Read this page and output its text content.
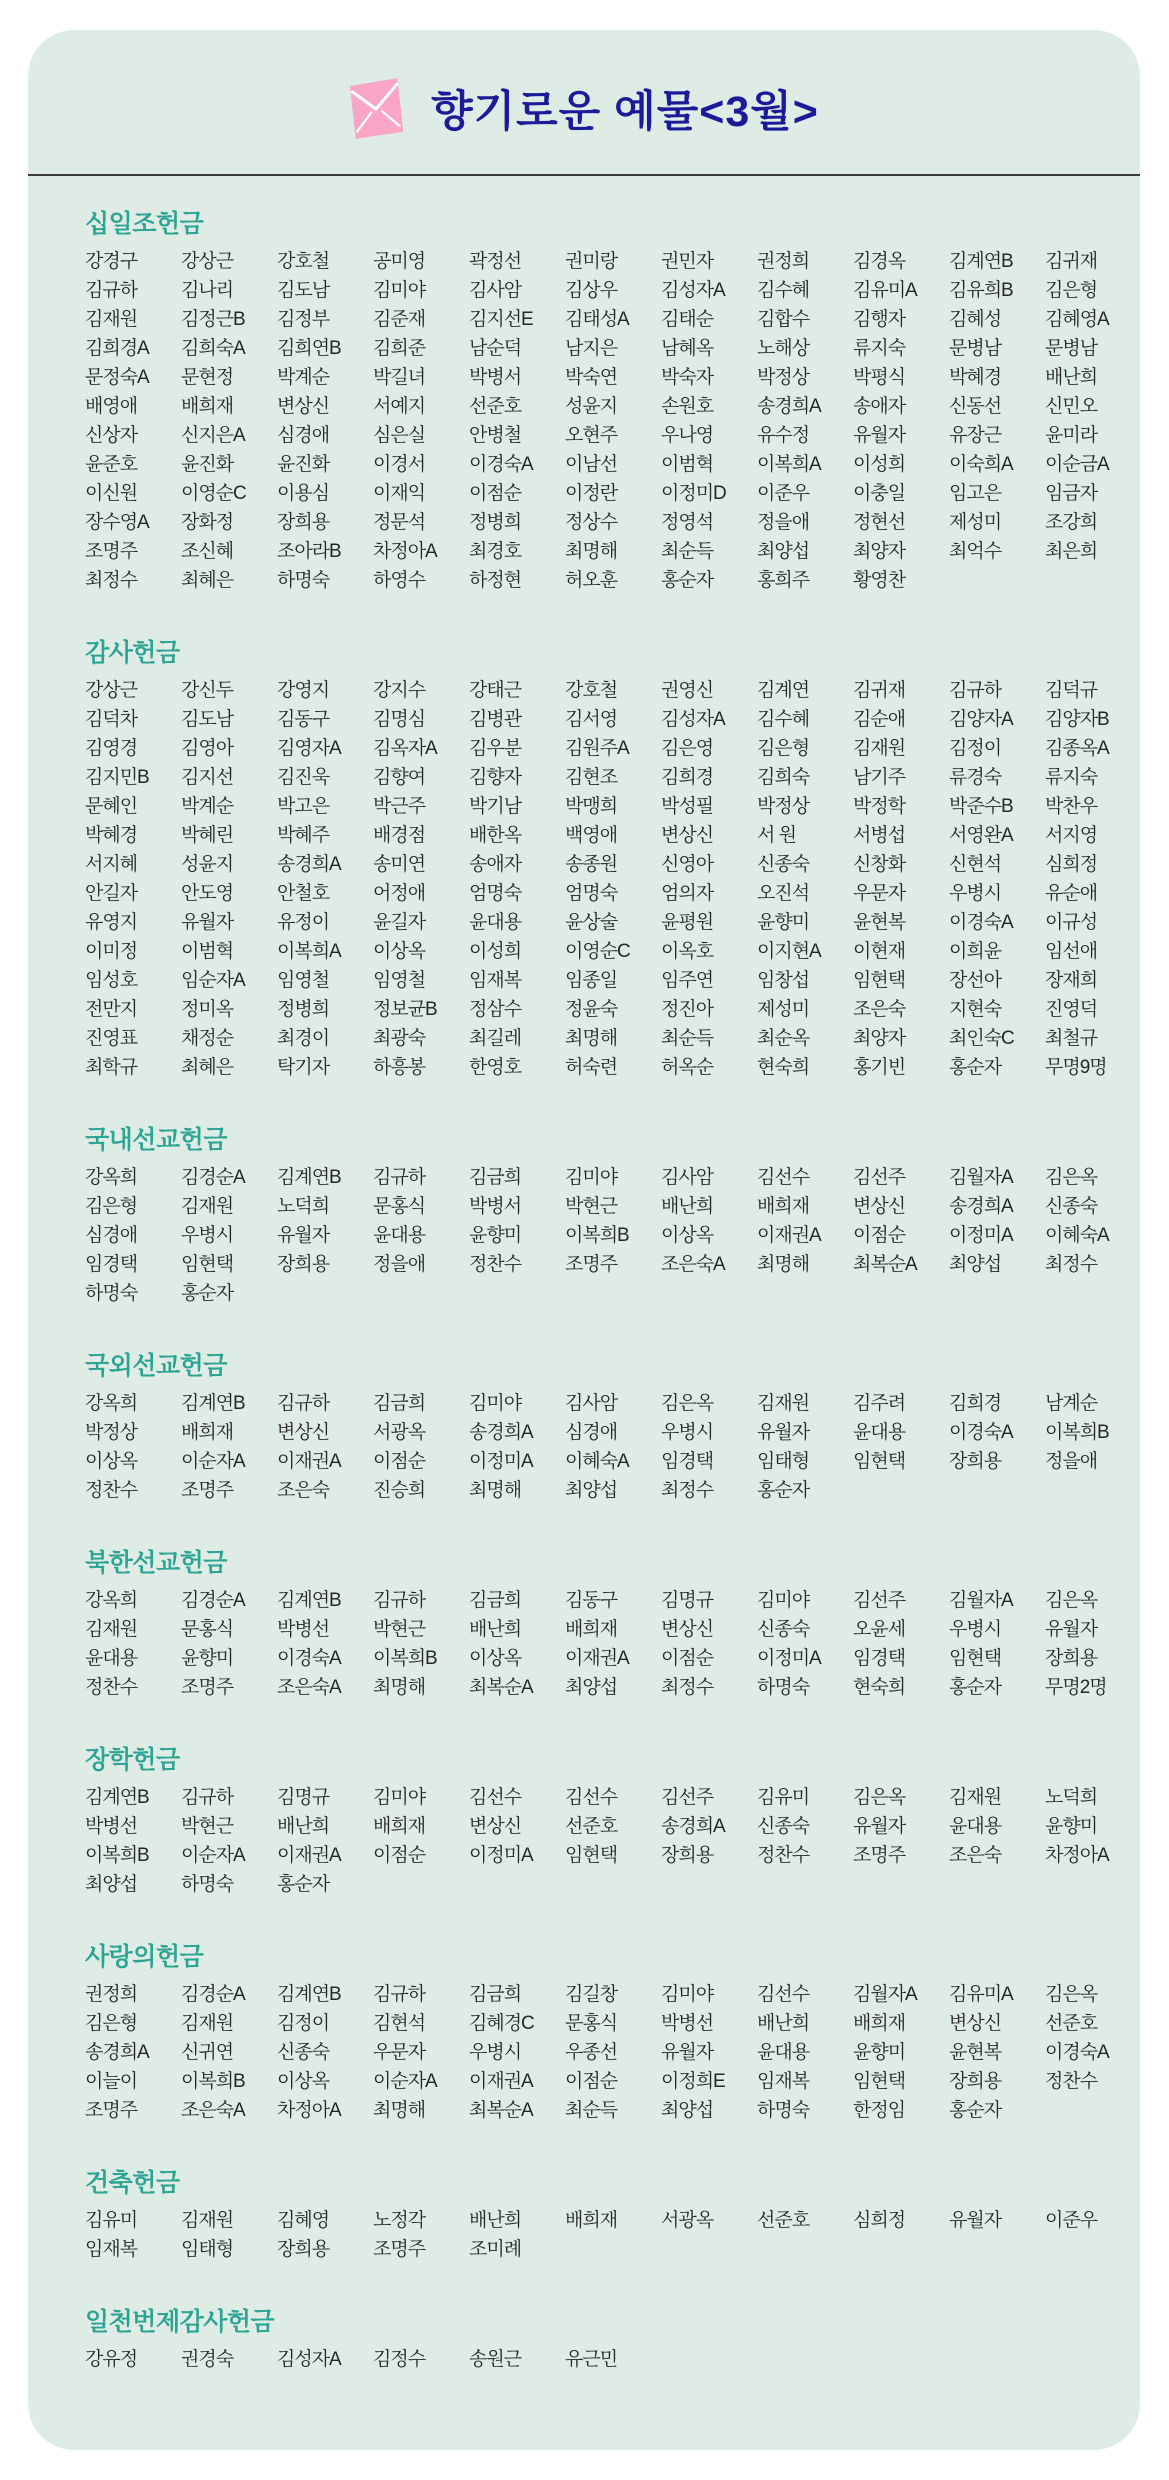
향기로운 예물<3월>
십일조헌금
강경구	강상근	강호철	공미영	곽정선	권미랑	권민자	권정희	김경옥	김계연B	김귀재
김규하	김나리	김도남	김미야	김사암	김상우	김성자A	김수혜	김유미A	김유희B	김은형
김재원	김정근B	김정부	김준재	김지선E	김태성A	김태순	김합수	김행자	김혜성	김혜영A
김희경A	김희숙A	김희연B	김희준	남순덕	남지은	남혜옥	노해상	류지숙	문병남	문병남
문정숙A	문현정	박계순	박길녀	박병서	박숙연	박숙자	박정상	박평식	박혜경	배난희
배영애	배희재	변상신	서예지	선준호	성윤지	손원호	송경희A	송애자	신동선	신민오
신상자	신지은A	심경애	심은실	안병철	오현주	우나영	유수정	유월자	유장근	윤미라
윤준호	윤진화	윤진화	이경서	이경숙A	이남선	이범혁	이복희A	이성희	이숙희A	이순금A
이신원	이영순C	이용심	이재익	이점순	이정란	이정미D	이준우	이충일	임고은	임금자
장수영A	장화정	장희용	정문석	정병희	정상수	정영석	정을애	정현선	제성미	조강희
조명주	조신혜	조아라B	차정아A	최경호	최명해	최순득	최양섭	최양자	최억수	최은희
최정수	최혜은	하명숙	하영수	하정현	허오훈	홍순자	홍희주	황영찬
감사헌금
강상근	강신두	강영지	강지수	강태근	강호철	권영신	김계연	김귀재	김규하	김덕규
김덕차	김도남	김동구	김명심	김병관	김서영	김성자A	김수혜	김순애	김양자A	김양자B
김영경	김영아	김영자A	김옥자A	김우분	김원주A	김은영	김은형	김재원	김정이	김종옥A
김지민B	김지선	김진욱	김향여	김향자	김현조	김희경	김희숙	남기주	류경숙	류지숙
문혜인	박계순	박고은	박근주	박기남	박맹희	박성필	박정상	박정학	박준수B	박찬우
박혜경	박혜린	박혜주	배경점	배한옥	백영애	변상신	서 원	서병섭	서영완A	서지영
서지혜	성윤지	송경희A	송미연	송애자	송종원	신영아	신종숙	신창화	신현석	심희정
안길자	안도영	안철호	어정애	엄명숙	엄명숙	엄의자	오진석	우문자	우병시	유순애
유영지	유월자	유정이	윤길자	윤대용	윤상술	윤평원	윤향미	윤현복	이경숙A	이규성
이미정	이범혁	이복희A	이상옥	이성희	이영순C	이옥호	이지현A	이현재	이희윤	임선애
임성호	임순자A	임영철	임영철	임재복	임종일	임주연	임창섭	임현택	장선아	장재희
전만지	정미옥	정병희	정보균B	정삼수	정윤숙	정진아	제성미	조은숙	지현숙	진영덕
진영표	채정순	최경이	최광숙	최길레	최명해	최순득	최순옥	최양자	최인숙C	최철규
최학규	최혜은	탁기자	하흥봉	한영호	허숙련	허옥순	현숙희	홍기빈	홍순자	무명9명
국내선교헌금
강옥희	김경순A	김계연B	김규하	김금희	김미야	김사암	김선수	김선주	김월자A	김은옥
김은형	김재원	노덕희	문홍식	박병서	박현근	배난희	배희재	변상신	송경희A	신종숙
심경애	우병시	유월자	윤대용	윤향미	이복희B	이상옥	이재권A	이점순	이정미A	이혜숙A
임경택	임현택	장희용	정을애	정찬수	조명주	조은숙A	최명해	최복순A	최양섭	최정수
하명숙	홍순자
국외선교헌금
강옥희	김계연B	김규하	김금희	김미야	김사암	김은옥	김재원	김주려	김희경	남계순
박정상	배희재	변상신	서광옥	송경희A	심경애	우병시	유월자	윤대용	이경숙A	이복희B
이상옥	이순자A	이재권A	이점순	이정미A	이혜숙A	임경택	임태형	임현택	장희용	정을애
정찬수	조명주	조은숙	진승희	최명해	최양섭	최정수	홍순자
북한선교헌금
강옥희	김경순A	김계연B	김규하	김금희	김동구	김명규	김미야	김선주	김월자A	김은옥
김재원	문홍식	박병선	박현근	배난희	배희재	변상신	신종숙	오윤세	우병시	유월자
윤대용	윤향미	이경숙A	이복희B	이상옥	이재권A	이점순	이정미A	임경택	임현택	장희용
정찬수	조명주	조은숙A	최명해	최복순A	최양섭	최정수	하명숙	현숙희	홍순자	무명2명
장학헌금
김계연B	김규하	김명규	김미야	김선수	김선수	김선주	김유미	김은옥	김재원	노덕희
박병선	박현근	배난희	배희재	변상신	선준호	송경희A	신종숙	유월자	윤대용	윤향미
이복희B	이순자A	이재권A	이점순	이정미A	임현택	장희용	정찬수	조명주	조은숙	차정아A
최양섭	하명숙	홍순자
사랑의헌금
권정희	김경순A	김계연B	김규하	김금희	김길창	김미야	김선수	김월자A	김유미A	김은옥
김은형	김재원	김정이	김현석	김혜경C	문홍식	박병선	배난희	배희재	변상신	선준호
송경희A	신귀연	신종숙	우문자	우병시	우종선	유월자	윤대용	윤향미	윤현복	이경숙A
이늘이	이복희B	이상옥	이순자A	이재권A	이점순	이정희E	임재복	임현택	장희용	정찬수
조명주	조은숙A	차정아A	최명해	최복순A	최순득	최양섭	하명숙	한정임	홍순자
건축헌금
김유미	김재원	김혜영	노정각	배난희	배희재	서광옥	선준호	심희정	유월자	이준우
임재복	임태형	장희용	조명주	조미례
일천번제감사헌금
강유정	권경숙	김성자A	김정수	송원근	유근민
